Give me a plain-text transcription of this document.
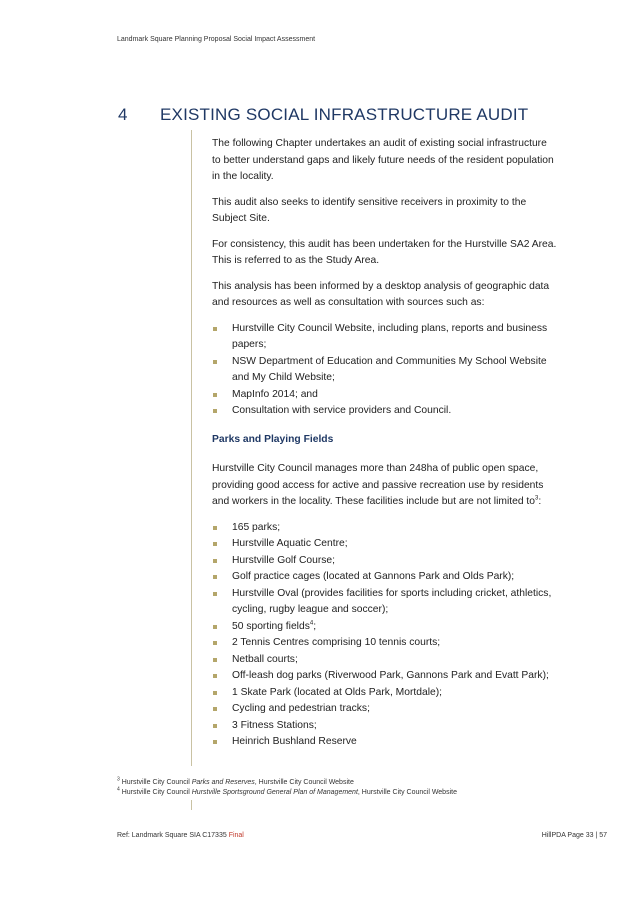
Landmark Square Planning Proposal Social Impact Assessment
4 EXISTING SOCIAL INFRASTRUCTURE AUDIT

The following Chapter undertakes an audit of existing social infrastructure to better understand gaps and likely future needs of the resident population in the locality.

This audit also seeks to identify sensitive receivers in proximity to the Subject Site.

For consistency, this audit has been undertaken for the Hurstville SA2 Area. This is referred to as the Study Area.

This analysis has been informed by a desktop analysis of geographic data and resources as well as consultation with sources such as:

Hurstville City Council Website, including plans, reports and business papers;
NSW Department of Education and Communities My School Website and My Child Website;
MapInfo 2014; and
Consultation with service providers and Council.
Parks and Playing Fields

Hurstville City Council manages more than 248ha of public open space, providing good access for active and passive recreation use by residents and workers in the locality. These facilities include but are not limited $to^3$:

165 parks;
Hurstville Aquatic Centre;
Hurstville Golf Course;
Golf practice cages (located at Gannons Park and Olds Park);
Hurstville Oval (provides facilities for sports including cricket, athletics, cycling, rugby league and soccer);
50 sporting fields$^4$;
2 Tennis Centres comprising 10 tennis courts;
Netball courts;
Off-leash dog parks (Riverwood Park, Gannons Park and Evatt Park);
1 Skate Park (located at Olds Park, Mortdale);
Cycling and pedestrian tracks;
3 Fitness Stations;
Heinrich Bushland Reserve
$^3$ Hurstville City Council Parks and Reserves, Hurstville City Council Website
$^4$ Hurstville City Council Hurstville Sportsground General Plan of Management, Hurstville City Council Website
Ref: Landmark Square SIA C17335 Final	HillPDA Page 33 | 57
